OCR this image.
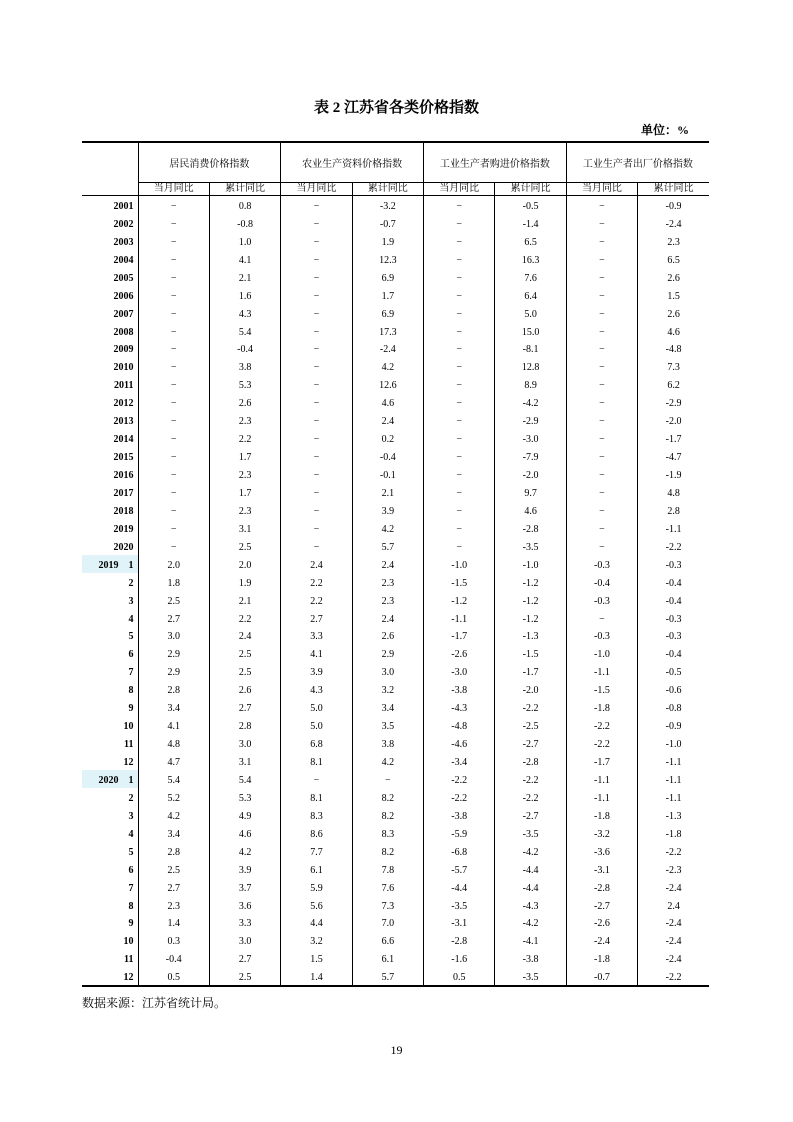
表 2 江苏省各类价格指数
单位：%
	居民消费价格指数		农业生产资料价格指数		工业生产者购进价格指数		工业生产者出厂价格指数	
	当月同比	累计同比	当月同比	累计同比	当月同比	累计同比	当月同比	累计同比
2001	−	0.8	−	-3.2	−	-0.5	−	-0.9
2002	−	-0.8	−	-0.7	−	-1.4	−	-2.4
2003	−	1.0	−	1.9	−	6.5	−	2.3
2004	−	4.1	−	12.3	−	16.3	−	6.5
2005	−	2.1	−	6.9	−	7.6	−	2.6
2006	−	1.6	−	1.7	−	6.4	−	1.5
2007	−	4.3	−	6.9	−	5.0	−	2.6
2008	−	5.4	−	17.3	−	15.0	−	4.6
2009	−	-0.4	−	-2.4	−	-8.1	−	-4.8
2010	−	3.8	−	4.2	−	12.8	−	7.3
2011	−	5.3	−	12.6	−	8.9	−	6.2
2012	−	2.6	−	4.6	−	-4.2	−	-2.9
2013	−	2.3	−	2.4	−	-2.9	−	-2.0
2014	−	2.2	−	0.2	−	-3.0	−	-1.7
2015	−	1.7	−	-0.4	−	-7.9	−	-4.7
2016	−	2.3	−	-0.1	−	-2.0	−	-1.9
2017	−	1.7	−	2.1	−	9.7	−	4.8
2018	−	2.3	−	3.9	−	4.6	−	2.8
2019	−	3.1	−	4.2	−	-2.8	−	-1.1
2020	−	2.5	−	5.7	−	-3.5	−	-2.2
2019　1	2.0	2.0	2.4	2.4	-1.0	-1.0	-0.3	-0.3
2	1.8	1.9	2.2	2.3	-1.5	-1.2	-0.4	-0.4
3	2.5	2.1	2.2	2.3	-1.2	-1.2	-0.3	-0.4
4	2.7	2.2	2.7	2.4	-1.1	-1.2	−	-0.3
5	3.0	2.4	3.3	2.6	-1.7	-1.3	-0.3	-0.3
6	2.9	2.5	4.1	2.9	-2.6	-1.5	-1.0	-0.4
7	2.9	2.5	3.9	3.0	-3.0	-1.7	-1.1	-0.5
8	2.8	2.6	4.3	3.2	-3.8	-2.0	-1.5	-0.6
9	3.4	2.7	5.0	3.4	-4.3	-2.2	-1.8	-0.8
10	4.1	2.8	5.0	3.5	-4.8	-2.5	-2.2	-0.9
11	4.8	3.0	6.8	3.8	-4.6	-2.7	-2.2	-1.0
12	4.7	3.1	8.1	4.2	-3.4	-2.8	-1.7	-1.1
2020　1	5.4	5.4	−	−	-2.2	-2.2	-1.1	-1.1
2	5.2	5.3	8.1	8.2	-2.2	-2.2	-1.1	-1.1
3	4.2	4.9	8.3	8.2	-3.8	-2.7	-1.8	-1.3
4	3.4	4.6	8.6	8.3	-5.9	-3.5	-3.2	-1.8
5	2.8	4.2	7.7	8.2	-6.8	-4.2	-3.6	-2.2
6	2.5	3.9	6.1	7.8	-5.7	-4.4	-3.1	-2.3
7	2.7	3.7	5.9	7.6	-4.4	-4.4	-2.8	-2.4
8	2.3	3.6	5.6	7.3	-3.5	-4.3	-2.7	2.4
9	1.4	3.3	4.4	7.0	-3.1	-4.2	-2.6	-2.4
10	0.3	3.0	3.2	6.6	-2.8	-4.1	-2.4	-2.4
11	-0.4	2.7	1.5	6.1	-1.6	-3.8	-1.8	-2.4
12	0.5	2.5	1.4	5.7	0.5	-3.5	-0.7	-2.2
数据来源：江苏省统计局。
19
